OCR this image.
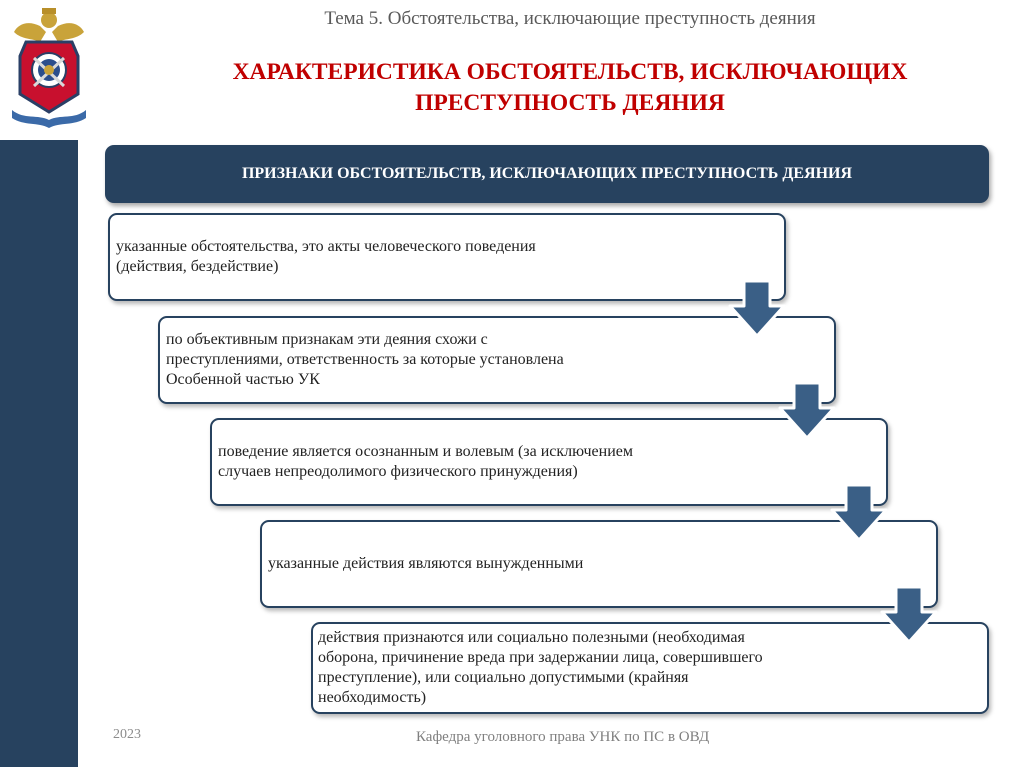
Тема 5. Обстоятельства, исключающие преступность деяния
ХАРАКТЕРИСТИКА ОБСТОЯТЕЛЬСТВ, ИСКЛЮЧАЮЩИХ
ПРЕСТУПНОСТЬ ДЕЯНИЯ
ПРИЗНАКИ ОБСТОЯТЕЛЬСТВ, ИСКЛЮЧАЮЩИХ ПРЕСТУПНОСТЬ ДЕЯНИЯ
указанные обстоятельства, это акты человеческого поведения
(действия, бездействие)
по объективным признакам эти деяния схожи с
преступлениями, ответственность за которые установлена
Особенной частью УК
поведение является осознанным и волевым (за исключением
случаев непреодолимого физического принуждения)
указанные действия являются вынужденными
действия признаются или социально полезными (необходимая
оборона, причинение вреда при задержании лица, совершившего
преступление), или социально допустимыми (крайняя
необходимость)
2023	Кафедра уголовного права УНК по ПС в ОВД
